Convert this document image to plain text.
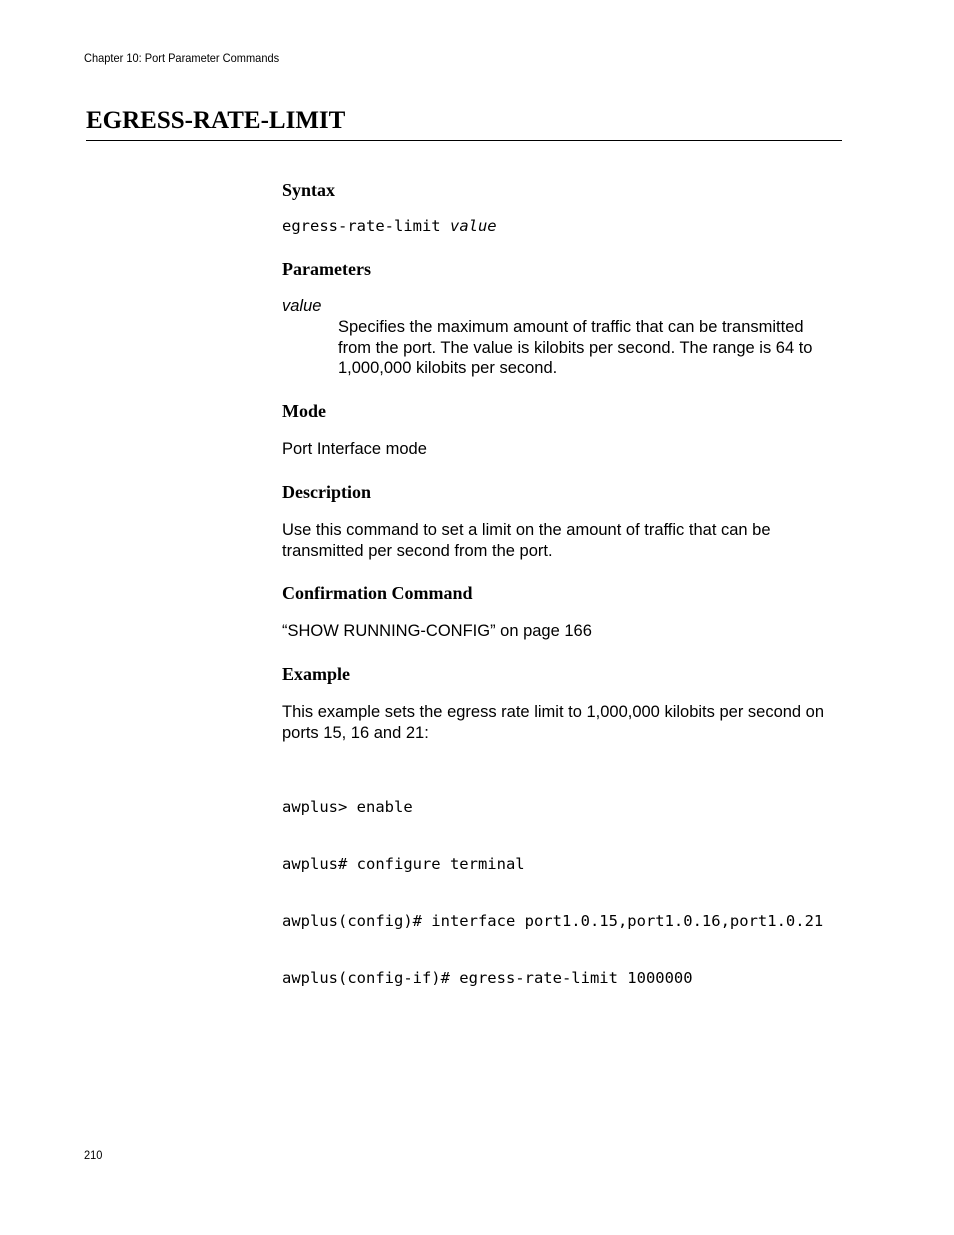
Chapter 10: Port Parameter Commands
EGRESS-RATE-LIMIT
Syntax
egress-rate-limit value
Parameters
value
Specifies the maximum amount of traffic that can be transmitted
from the port. The value is kilobits per second. The range is 64 to
1,000,000 kilobits per second.
Mode
Port Interface mode
Description
Use this command to set a limit on the amount of traffic that can be
transmitted per second from the port.
Confirmation Command
“SHOW RUNNING-CONFIG” on page 166
Example
This example sets the egress rate limit to 1,000,000 kilobits per second on
ports 15, 16 and 21:

awplus> enable

awplus# configure terminal

awplus(config)# interface port1.0.15,port1.0.16,port1.0.21

awplus(config-if)# egress-rate-limit 1000000

210
